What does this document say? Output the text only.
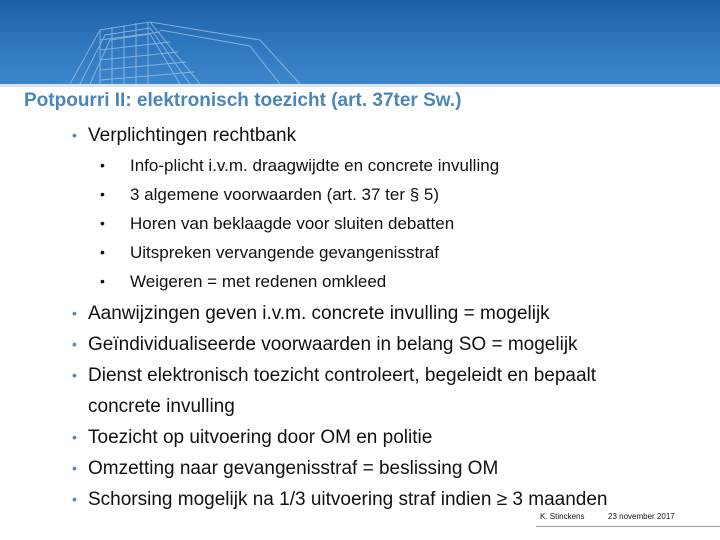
Potpourri II: elektronisch toezicht (art. 37ter Sw.)
• Verplichtingen rechtbank
• Info-plicht i.v.m. draagwijdte en concrete invulling
• 3 algemene voorwaarden (art. 37 ter § 5)
• Horen van beklaagde voor sluiten debatten
• Uitspreken vervangende gevangenisstraf
• Weigeren = met redenen omkleed
• Aanwijzingen geven i.v.m. concrete invulling = mogelijk
• Geïndividualiseerde voorwaarden in belang SO = mogelijk
• Dienst elektronisch toezicht controleert, begeleidt en bepaalt
concrete invulling
• Toezicht op uitvoering door OM en politie
• Omzetting naar gevangenisstraf = beslissing OM
• Schorsing mogelijk na 1/3 uitvoering straf indien ≥ 3 maanden
K. Stinckens	23 november 2017
